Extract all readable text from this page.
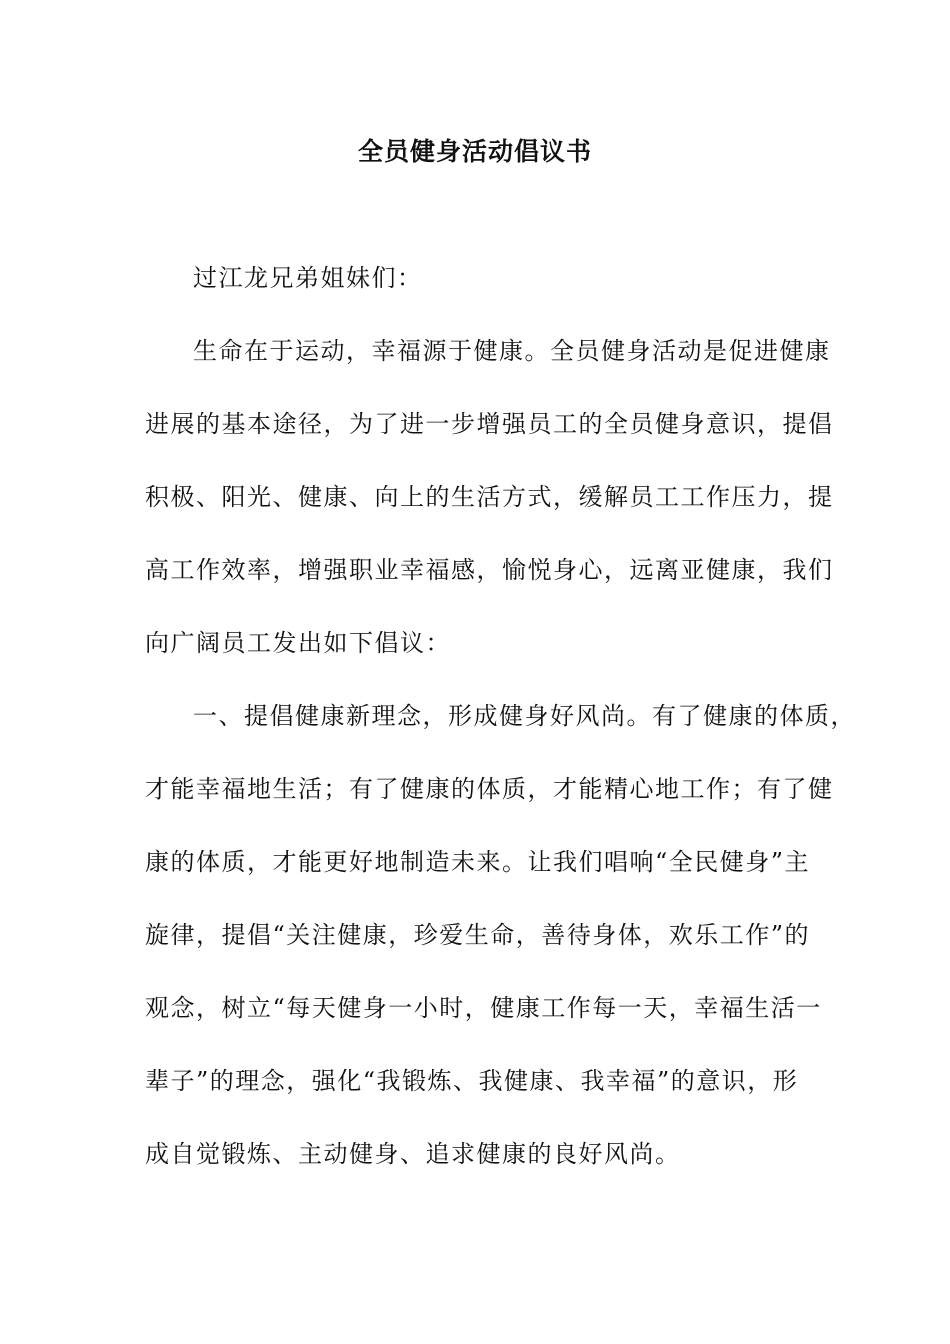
全员健身活动倡议书
过江龙兄弟姐妹们：
生命在于运动，幸福源于健康。全员健身活动是促进健康
进展的基本途径，为了进一步增强员工的全员健身意识，提倡
积极、阳光、健康、向上的生活方式，缓解员工工作压力，提
高工作效率，增强职业幸福感，愉悦身心，远离亚健康，我们
向广阔员工发出如下倡议：
一、提倡健康新理念，形成健身好风尚。有了健康的体质，
才能幸福地生活；有了健康的体质，才能精心地工作；有了健
康的体质，才能更好地制造未来。让我们唱响“全民健身”主
旋律，提倡“关注健康，珍爱生命，善待身体，欢乐工作”的
观念，树立“每天健身一小时，健康工作每一天，幸福生活一
辈子”的理念，强化“我锻炼、我健康、我幸福”的意识，形
成自觉锻炼、主动健身、追求健康的良好风尚。
